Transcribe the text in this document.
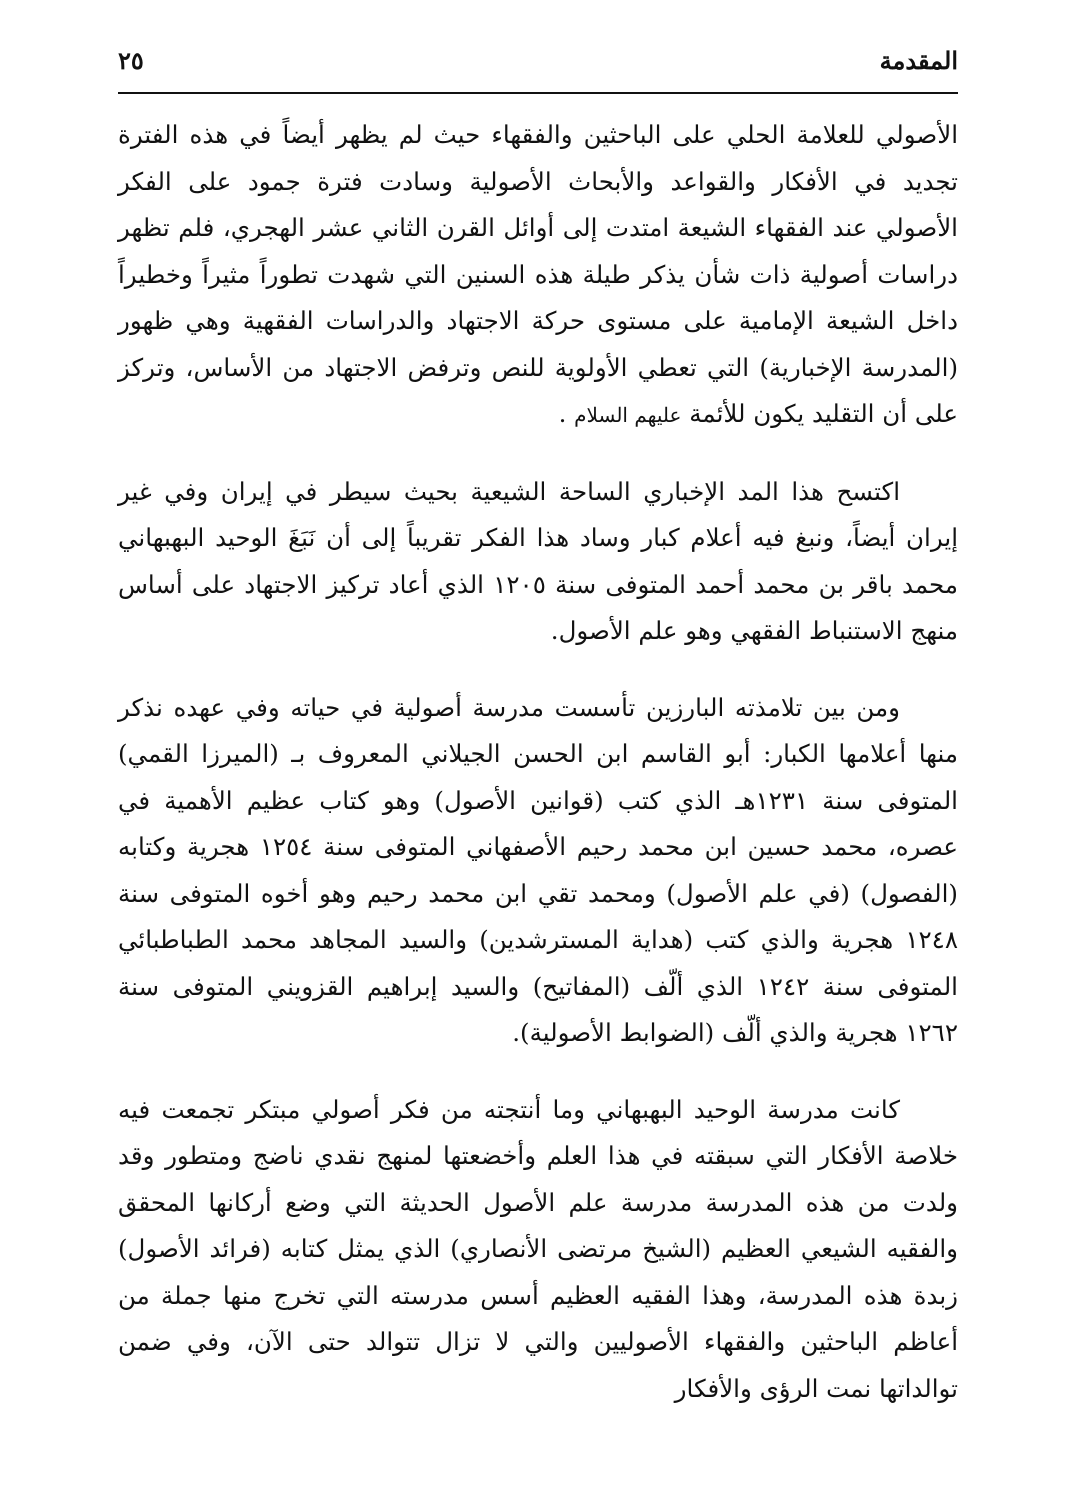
المقدمة
٢٥

الأصولي للعلامة الحلي على الباحثين والفقهاء حيث لم يظهر أيضاً في هذه الفترة تجديد في الأفكار والقواعد والأبحاث الأصولية وسادت فترة جمود على الفكر الأصولي عند الفقهاء الشيعة امتدت إلى أوائل القرن الثاني عشر الهجري، فلم تظهر دراسات أصولية ذات شأن يذكر طيلة هذه السنين التي شهدت تطوراً مثيراً وخطيراً داخل الشيعة الإمامية على مستوى حركة الاجتهاد والدراسات الفقهية وهي ظهور (المدرسة الإخبارية) التي تعطي الأولوية للنص وترفض الاجتهاد من الأساس، وتركز على أن التقليد يكون للأئمة عليهم السلام .

اكتسح هذا المد الإخباري الساحة الشيعية بحيث سيطر في إيران وفي غير إيران أيضاً، ونبغ فيه أعلام كبار وساد هذا الفكر تقريباً إلى أن نَبَغَ الوحيد البهبهاني محمد باقر بن محمد أحمد المتوفى سنة ١٢٠٥ الذي أعاد تركيز الاجتهاد على أساس منهج الاستنباط الفقهي وهو علم الأصول.

ومن بين تلامذته البارزين تأسست مدرسة أصولية في حياته وفي عهده نذكر منها أعلامها الكبار: أبو القاسم ابن الحسن الجيلاني المعروف بـ (الميرزا القمي) المتوفى سنة ١٢٣١هـ الذي كتب (قوانين الأصول) وهو كتاب عظيم الأهمية في عصره، محمد حسين ابن محمد رحيم الأصفهاني المتوفى سنة ١٢٥٤ هجرية وكتابه (الفصول) (في علم الأصول) ومحمد تقي ابن محمد رحيم وهو أخوه المتوفى سنة ١٢٤٨ هجرية والذي كتب (هداية المسترشدين) والسيد المجاهد محمد الطباطبائي المتوفى سنة ١٢٤٢ الذي ألّف (المفاتيح) والسيد إبراهيم القزويني المتوفى سنة ١٢٦٢ هجرية والذي ألّف (الضوابط الأصولية).

كانت مدرسة الوحيد البهبهاني وما أنتجته من فكر أصولي مبتكر تجمعت فيه خلاصة الأفكار التي سبقته في هذا العلم وأخضعتها لمنهج نقدي ناضج ومتطور وقد ولدت من هذه المدرسة مدرسة علم الأصول الحديثة التي وضع أركانها المحقق والفقيه الشيعي العظيم (الشيخ مرتضى الأنصاري) الذي يمثل كتابه (فرائد الأصول) زبدة هذه المدرسة، وهذا الفقيه العظيم أسس مدرسته التي تخرج منها جملة من أعاظم الباحثين والفقهاء الأصوليين والتي لا تزال تتوالد حتى الآن، وفي ضمن توالداتها نمت الرؤى والأفكار
